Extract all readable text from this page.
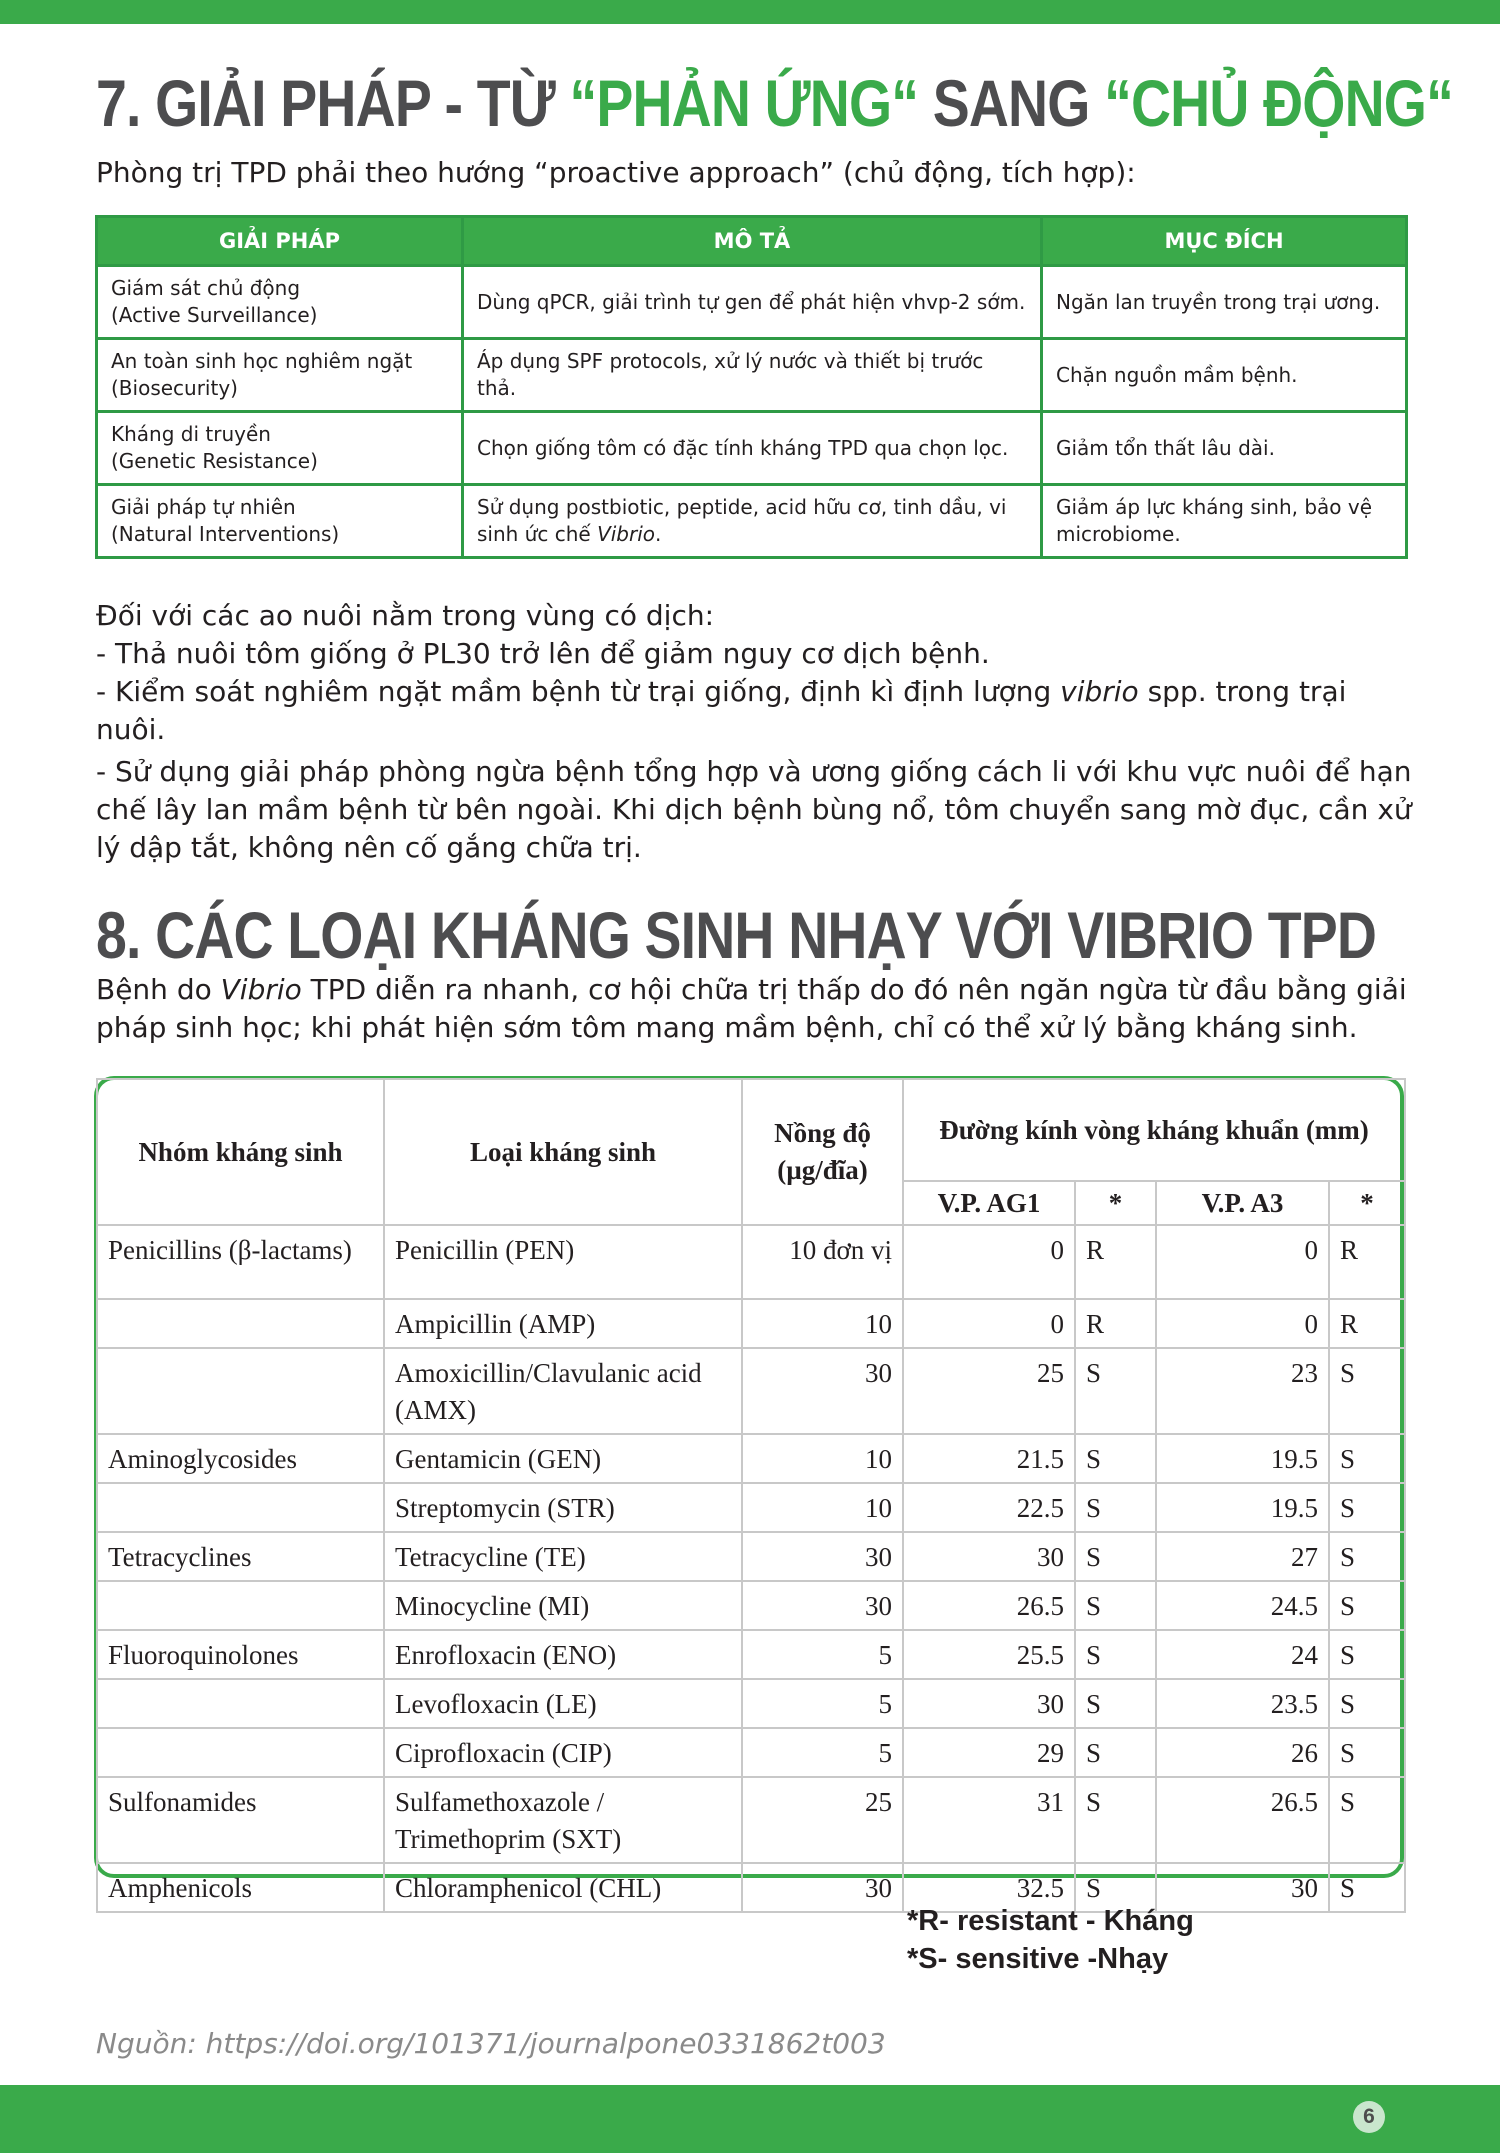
7. GIẢI PHÁP - TỪ “PHẢN ỨNG“ SANG “CHỦ ĐỘNG“
Phòng trị TPD phải theo hướng “proactive approach” (chủ động, tích hợp):
GIẢI PHÁP	MÔ TẢ	MỤC ĐÍCH

Giám sát chủ động
(Active Surveillance)	Dùng qPCR, giải trình tự gen để phát hiện vhvp-2 sớm.	Ngăn lan truyền trong trại ương.

An toàn sinh học nghiêm ngặt
(Biosecurity)	Áp dụng SPF protocols, xử lý nước và thiết bị trước thả.	Chặn nguồn mầm bệnh.

Kháng di truyền
(Genetic Resistance)	Chọn giống tôm có đặc tính kháng TPD qua chọn lọc.	Giảm tổn thất lâu dài.

Giải pháp tự nhiên
(Natural Interventions)	Sử dụng postbiotic, peptide, acid hữu cơ, tinh dầu, vi sinh ức chế Vibrio.	Giảm áp lực kháng sinh, bảo vệ microbiome.

Đối với các ao nuôi nằm trong vùng có dịch:

- Thả nuôi tôm giống ở PL30 trở lên để giảm nguy cơ dịch bệnh.

- Kiểm soát nghiêm ngặt mầm bệnh từ trại giống, định kì định lượng vibrio spp. trong trại nuôi.

- Sử dụng giải pháp phòng ngừa bệnh tổng hợp và ương giống cách li với khu vực nuôi để hạn chế lây lan mầm bệnh từ bên ngoài. Khi dịch bệnh bùng nổ, tôm chuyển sang mờ đục, cần xử lý dập tắt, không nên cố gắng chữa trị.

8. CÁC LOẠI KHÁNG SINH NHẠY VỚI VIBRIO TPD
Bệnh do Vibrio TPD diễn ra nhanh, cơ hội chữa trị thấp do đó nên ngăn ngừa từ đầu bằng giải pháp sinh học; khi phát hiện sớm tôm mang mầm bệnh, chỉ có thể xử lý bằng kháng sinh.
Nhóm kháng sinh	Loại kháng sinh	Nồng độ (µg/đĩa)	Đường kính vòng kháng khuẩn (mm)			
			V.P. AG1	*	V.P. A3	*
Penicillins (β-lactams)	Penicillin (PEN)	10 đơn vị	0	R	0	R
	Ampicillin (AMP)	10	0	R	0	R
	Amoxicillin/Clavulanic acid (AMX)	30	25	S	23	S
Aminoglycosides	Gentamicin (GEN)	10	21.5	S	19.5	S
	Streptomycin (STR)	10	22.5	S	19.5	S
Tetracyclines	Tetracycline (TE)	30	30	S	27	S
	Minocycline (MI)	30	26.5	S	24.5	S
Fluoroquinolones	Enrofloxacin (ENO)	5	25.5	S	24	S
	Levofloxacin (LE)	5	30	S	23.5	S
	Ciprofloxacin (CIP)	5	29	S	26	S
Sulfonamides	Sulfamethoxazole / Trimethoprim (SXT)	25	31	S	26.5	S
Amphenicols	Chloramphenicol (CHL)	30	32.5	S	30	S
*R- resistant - Kháng
*S- sensitive -Nhạy
Nguồn: https://doi.org/101371/journalpone0331862t003
6
